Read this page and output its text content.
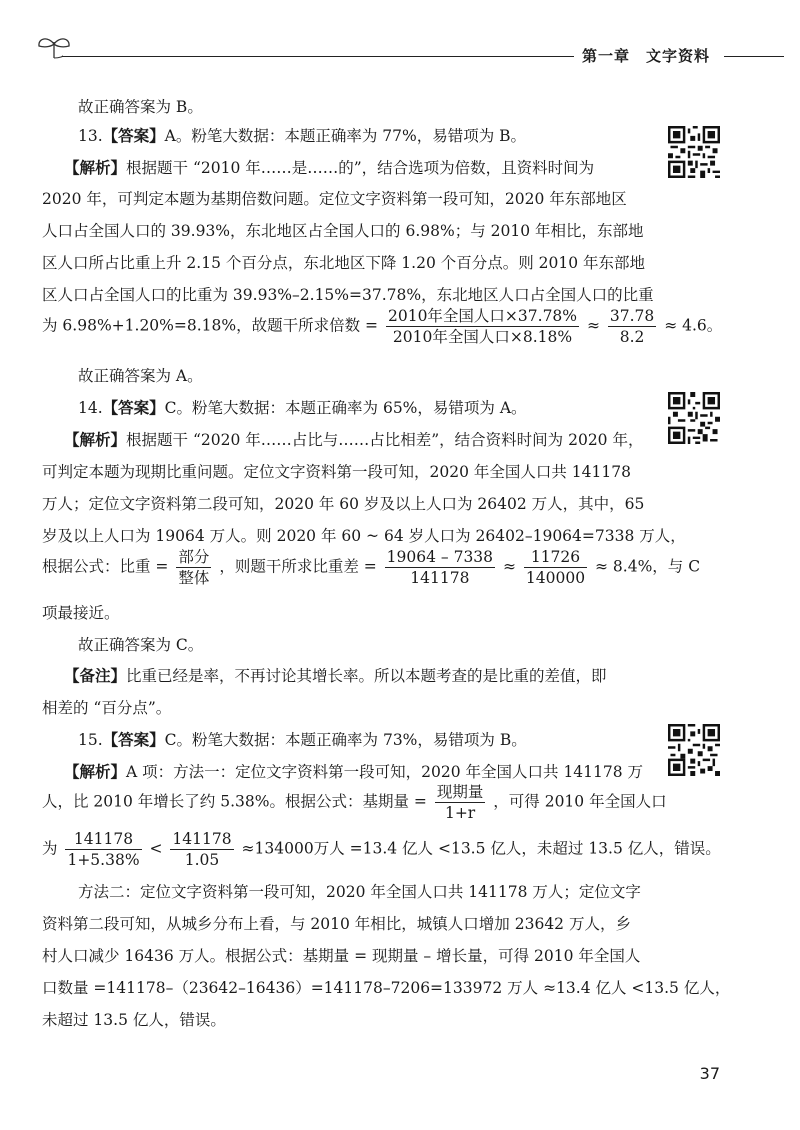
第一章 文字资料
故正确答案为 B。
13.【答案】A。粉笔大数据：本题正确率为 77%，易错项为 B。
【解析】根据题干 “2010 年……是……的”，结合选项为倍数，且资料时间为
2020 年，可判定本题为基期倍数问题。定位文字资料第一段可知，2020 年东部地区
人口占全国人口的 39.93%，东北地区占全国人口的 6.98%；与 2010 年相比，东部地
区人口所占比重上升 2.15 个百分点，东北地区下降 1.20 个百分点。则 2010 年东部地
区人口占全国人口的比重为 39.93%–2.15%=37.78%，东北地区人口占全国人口的比重
为 6.98%+1.20%=8.18%，故题干所求倍数 = $\frac{\text{2010年全国人口×37.78\%}}{\text{2010年全国人口×8.18\%}} \approx \frac{37.78}{8.2} \approx 4.6$。
故正确答案为 A。
14.【答案】C。粉笔大数据：本题正确率为 65%，易错项为 A。
【解析】根据题干 “2020 年……占比与……占比相差”，结合资料时间为 2020 年，
可判定本题为现期比重问题。定位文字资料第一段可知，2020 年全国人口共 141178
万人；定位文字资料第二段可知，2020 年 60 岁及以上人口为 26402 万人，其中，65
岁及以上人口为 19064 万人。则 2020 年 60 ~ 64 岁人口为 26402–19064=7338 万人，
根据公式：比重 = $\frac{\text{部分}}{\text{整体}}$ ，则题干所求比重差 = $\frac{19064 - 7338}{141178} \approx \frac{11726}{140000} \approx 8.4\%$，与 C
项最接近。
故正确答案为 C。
【备注】比重已经是率，不再讨论其增长率。所以本题考查的是比重的差值，即
相差的 “百分点”。
15.【答案】C。粉笔大数据：本题正确率为 73%，易错项为 B。
【解析】A 项：方法一：定位文字资料第一段可知，2020 年全国人口共 141178 万
人，比 2010 年增长了约 5.38%。根据公式：基期量 = $\frac{\text{现期量}}{1+r}$ ，可得 2010 年全国人口
为 $\frac{141178}{1+5.38\%} < \frac{141178}{1.05} \approx 134000$万人 =13.4 亿人 <13.5 亿人，未超过 13.5 亿人，错误。
方法二：定位文字资料第一段可知，2020 年全国人口共 141178 万人；定位文字
资料第二段可知，从城乡分布上看，与 2010 年相比，城镇人口增加 23642 万人，乡
村人口减少 16436 万人。根据公式：基期量 = 现期量 – 增长量，可得 2010 年全国人
口数量 =141178–（23642–16436）=141178–7206=133972 万人 ≈13.4 亿人 <13.5 亿人，
未超过 13.5 亿人，错误。
37
